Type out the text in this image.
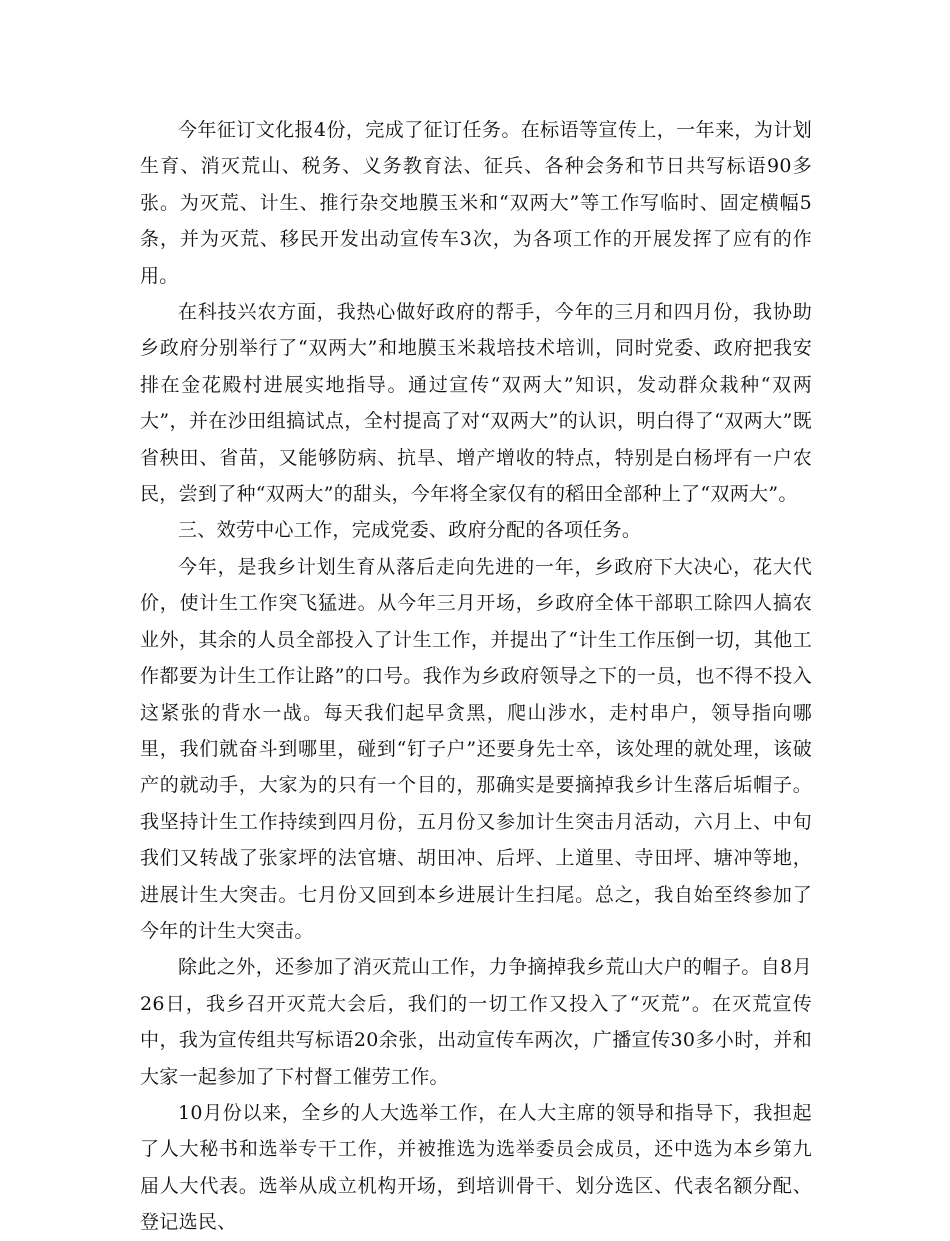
今年征订文化报4份，完成了征订任务。在标语等宣传上，一年来，为计划生育、消灭荒山、税务、义务教育法、征兵、各种会务和节日共写标语90多张。为灭荒、计生、推行杂交地膜玉米和“双两大”等工作写临时、固定横幅5条，并为灭荒、移民开发出动宣传车3次，为各项工作的开展发挥了应有的作用。

在科技兴农方面，我热心做好政府的帮手，今年的三月和四月份，我协助乡政府分别举行了“双两大”和地膜玉米栽培技术培训，同时党委、政府把我安排在金花殿村进展实地指导。通过宣传“双两大”知识，发动群众栽种“双两大”，并在沙田组搞试点，全村提高了对“双两大”的认识，明白得了“双两大”既省秧田、省苗，又能够防病、抗旱、增产增收的特点，特别是白杨坪有一户农民，尝到了种“双两大”的甜头，今年将全家仅有的稻田全部种上了“双两大”。

三、效劳中心工作，完成党委、政府分配的各项任务。

今年，是我乡计划生育从落后走向先进的一年，乡政府下大决心，花大代价，使计生工作突飞猛进。从今年三月开场，乡政府全体干部职工除四人搞农业外，其余的人员全部投入了计生工作，并提出了“计生工作压倒一切，其他工作都要为计生工作让路”的口号。我作为乡政府领导之下的一员，也不得不投入这紧张的背水一战。每天我们起早贪黑，爬山涉水，走村串户，领导指向哪里，我们就奋斗到哪里，碰到“钉子户”还要身先士卒，该处理的就处理，该破产的就动手，大家为的只有一个目的，那确实是要摘掉我乡计生落后垢帽子。我坚持计生工作持续到四月份，五月份又参加计生突击月活动，六月上、中旬我们又转战了张家坪的法官塘、胡田冲、后坪、上道里、寺田坪、塘冲等地，进展计生大突击。七月份又回到本乡进展计生扫尾。总之，我自始至终参加了今年的计生大突击。

除此之外，还参加了消灭荒山工作，力争摘掉我乡荒山大户的帽子。自8月26日，我乡召开灭荒大会后，我们的一切工作又投入了“灭荒”。在灭荒宣传中，我为宣传组共写标语20余张，出动宣传车两次，广播宣传30多小时，并和大家一起参加了下村督工催劳工作。

10月份以来，全乡的人大选举工作，在人大主席的领导和指导下，我担起了人大秘书和选举专干工作，并被推选为选举委员会成员，还中选为本乡第九届人大代表。选举从成立机构开场，到培训骨干、划分选区、代表名额分配、登记选民、
